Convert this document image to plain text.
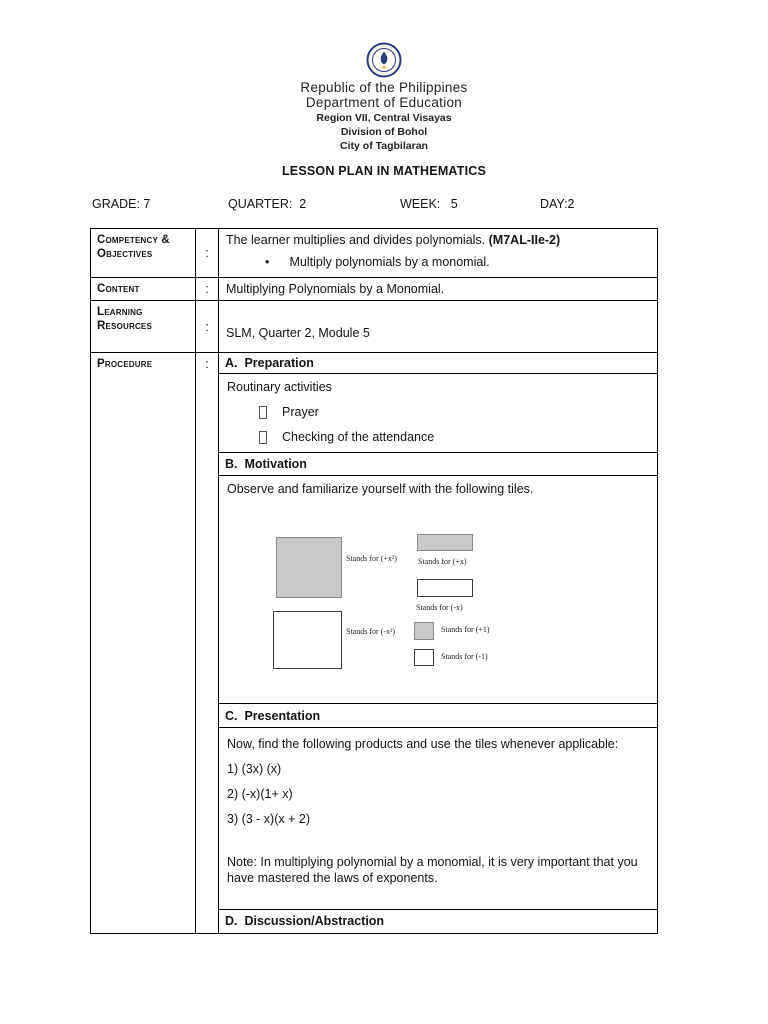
Republic of the Philippines
Department of Education
Region VII, Central Visayas
Division of Bohol
City of Tagbilaran
LESSON PLAN IN MATHEMATICS
GRADE: 7	QUARTER:  2	WEEK:   5	DAY:2
Competency & Objectives	:	The learner multiplies and divides polynomials. (M7AL-IIe-2)
• Multiply polynomials by a monomial.

Content	:	Multiplying Polynomials by a Monomial.

Learning Resources	:	SLM, Quarter 2, Module 5

Procedure	:	A.  Preparation
Routinary activities
Prayer
Checking of the attendance
B.  Motivation
Observe and familiarize yourself with the following tiles.
Stands for (+x²)	Stands for (+x)
Stands for (-x)
Stands for (-x²)	Stands for (+1)
Stands for (-1)
C.  Presentation
Now, find the following products and use the tiles whenever applicable:
1) (3x) (x)
2) (-x)(1+ x)
3) (3 - x)(x + 2)
Note: In multiplying polynomial by a monomial, it is very important that you have mastered the laws of exponents.
D.  Discussion/Abstraction
